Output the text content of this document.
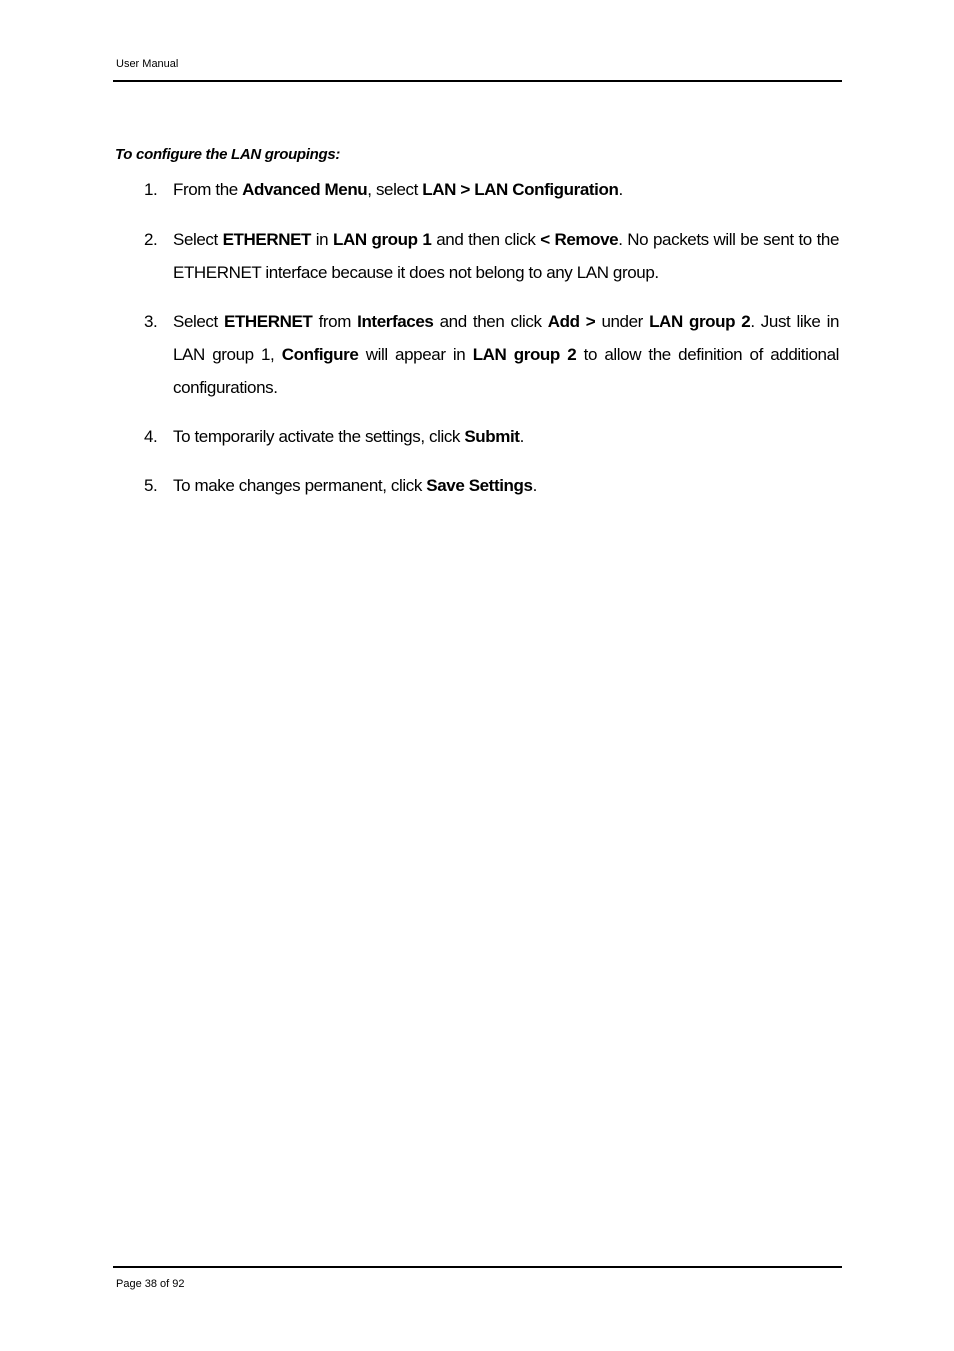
User Manual
To configure the LAN groupings:
1. From the Advanced Menu, select LAN > LAN Configuration.
2. Select ETHERNET in LAN group 1 and then click < Remove. No packets will be sent to the ETHERNET interface because it does not belong to any LAN group.
3. Select ETHERNET from Interfaces and then click Add > under LAN group 2. Just like in LAN group 1, Configure will appear in LAN group 2 to allow the definition of additional configurations.
4. To temporarily activate the settings, click Submit.
5. To make changes permanent, click Save Settings.
Page 38 of 92
